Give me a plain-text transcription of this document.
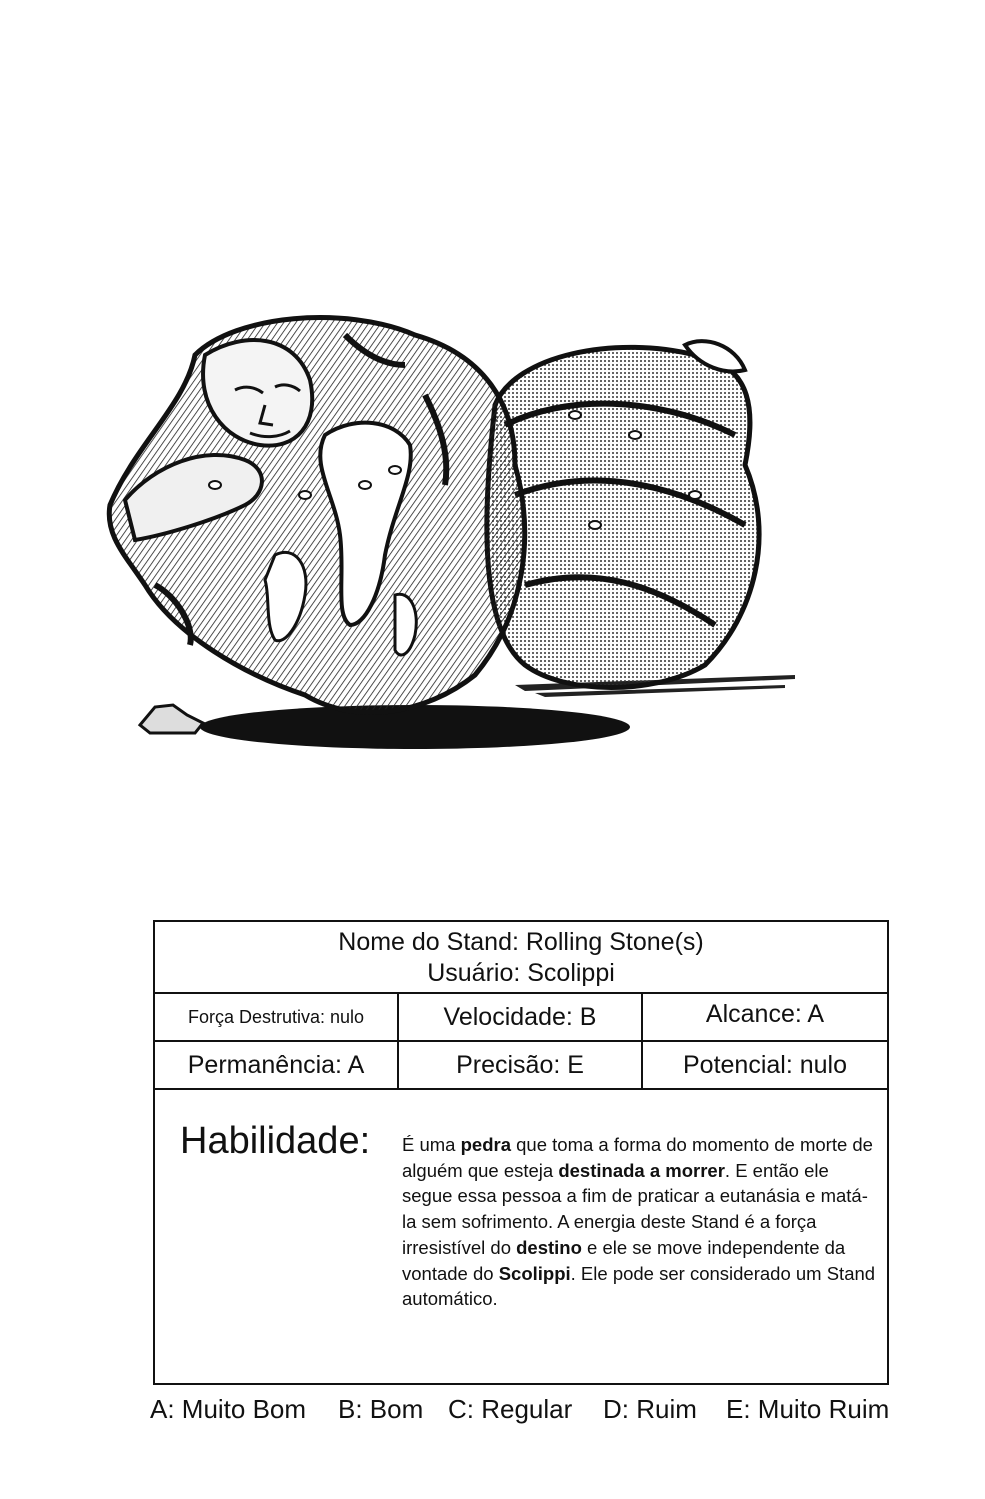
Nome do Stand: Rolling Stone(s)
Usuário: Scolippi
Força Destrutiva: nulo	Velocidade: B	Alcance: A
Permanência: A	Precisão: E	Potencial: nulo
Habilidade: É uma pedra que toma a forma do momento de morte de alguém que esteja destinada a morrer. E então ele segue essa pessoa a fim de praticar a eutanásia e matá-la sem sofrimento. A energia deste Stand é a força irresistível do destino e ele se move independente da vontade do Scolippi. Ele pode ser considerado um Stand automático.
A: Muito Bom B: Bom C: Regular D: Ruim E: Muito Ruim
